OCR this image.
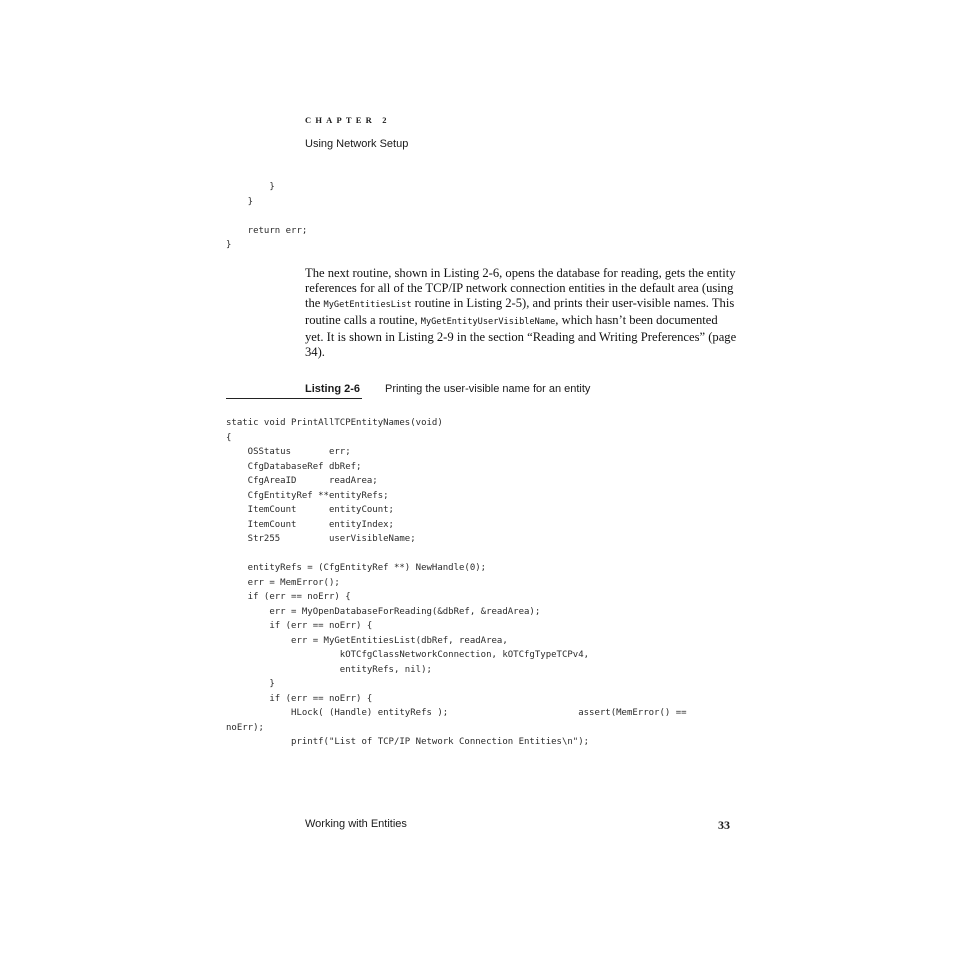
CHAPTER 2
Using Network Setup
}
}

return err;
}
The next routine, shown in Listing 2-6, opens the database for reading, gets the entity references for all of the TCP/IP network connection entities in the default area (using the MyGetEntitiesList routine in Listing 2-5), and prints their user-visible names. This routine calls a routine, MyGetEntityUserVisibleName, which hasn’t been documented yet. It is shown in Listing 2-9 in the section “Reading and Writing Preferences” (page 34).
Listing 2-6 Printing the user-visible name for an entity
static void PrintAllTCPEntityNames(void)
{
OSStatus       err;
CfgDatabaseRef dbRef;
CfgAreaID      readArea;
CfgEntityRef **entityRefs;
ItemCount      entityCount;
ItemCount      entityIndex;
Str255         userVisibleName;

entityRefs = (CfgEntityRef **) NewHandle(0);
err = MemError();
if (err == noErr) {
err = MyOpenDatabaseForReading(&dbRef, &readArea);
if (err == noErr) {
err = MyGetEntitiesList(dbRef, readArea,
kOTCfgClassNetworkConnection, kOTCfgTypeTCPv4,
entityRefs, nil);
}
if (err == noErr) {
HLock( (Handle) entityRefs );                        assert(MemError() ==
noErr);
printf("List of TCP/IP Network Connection Entities\n");
Working with Entities	33
